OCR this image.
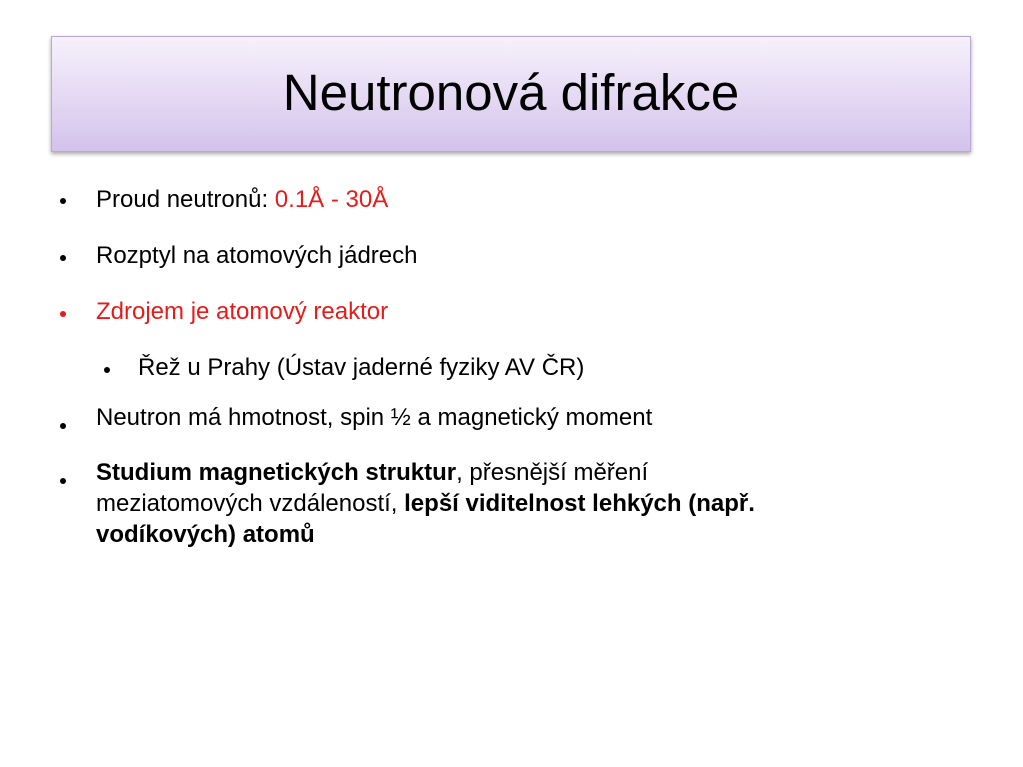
Neutronová difrakce
Proud neutronů: 0.1Å - 30Å
Rozptyl na atomových jádrech
Zdrojem je atomový reaktor
Řež u Prahy (Ústav jaderné fyziky AV ČR)
Neutron má hmotnost, spin ½ a magnetický moment
Studium magnetických struktur, přesnější měření
meziatomových vzdáleností, lepší viditelnost lehkých (např.
vodíkových) atomů
